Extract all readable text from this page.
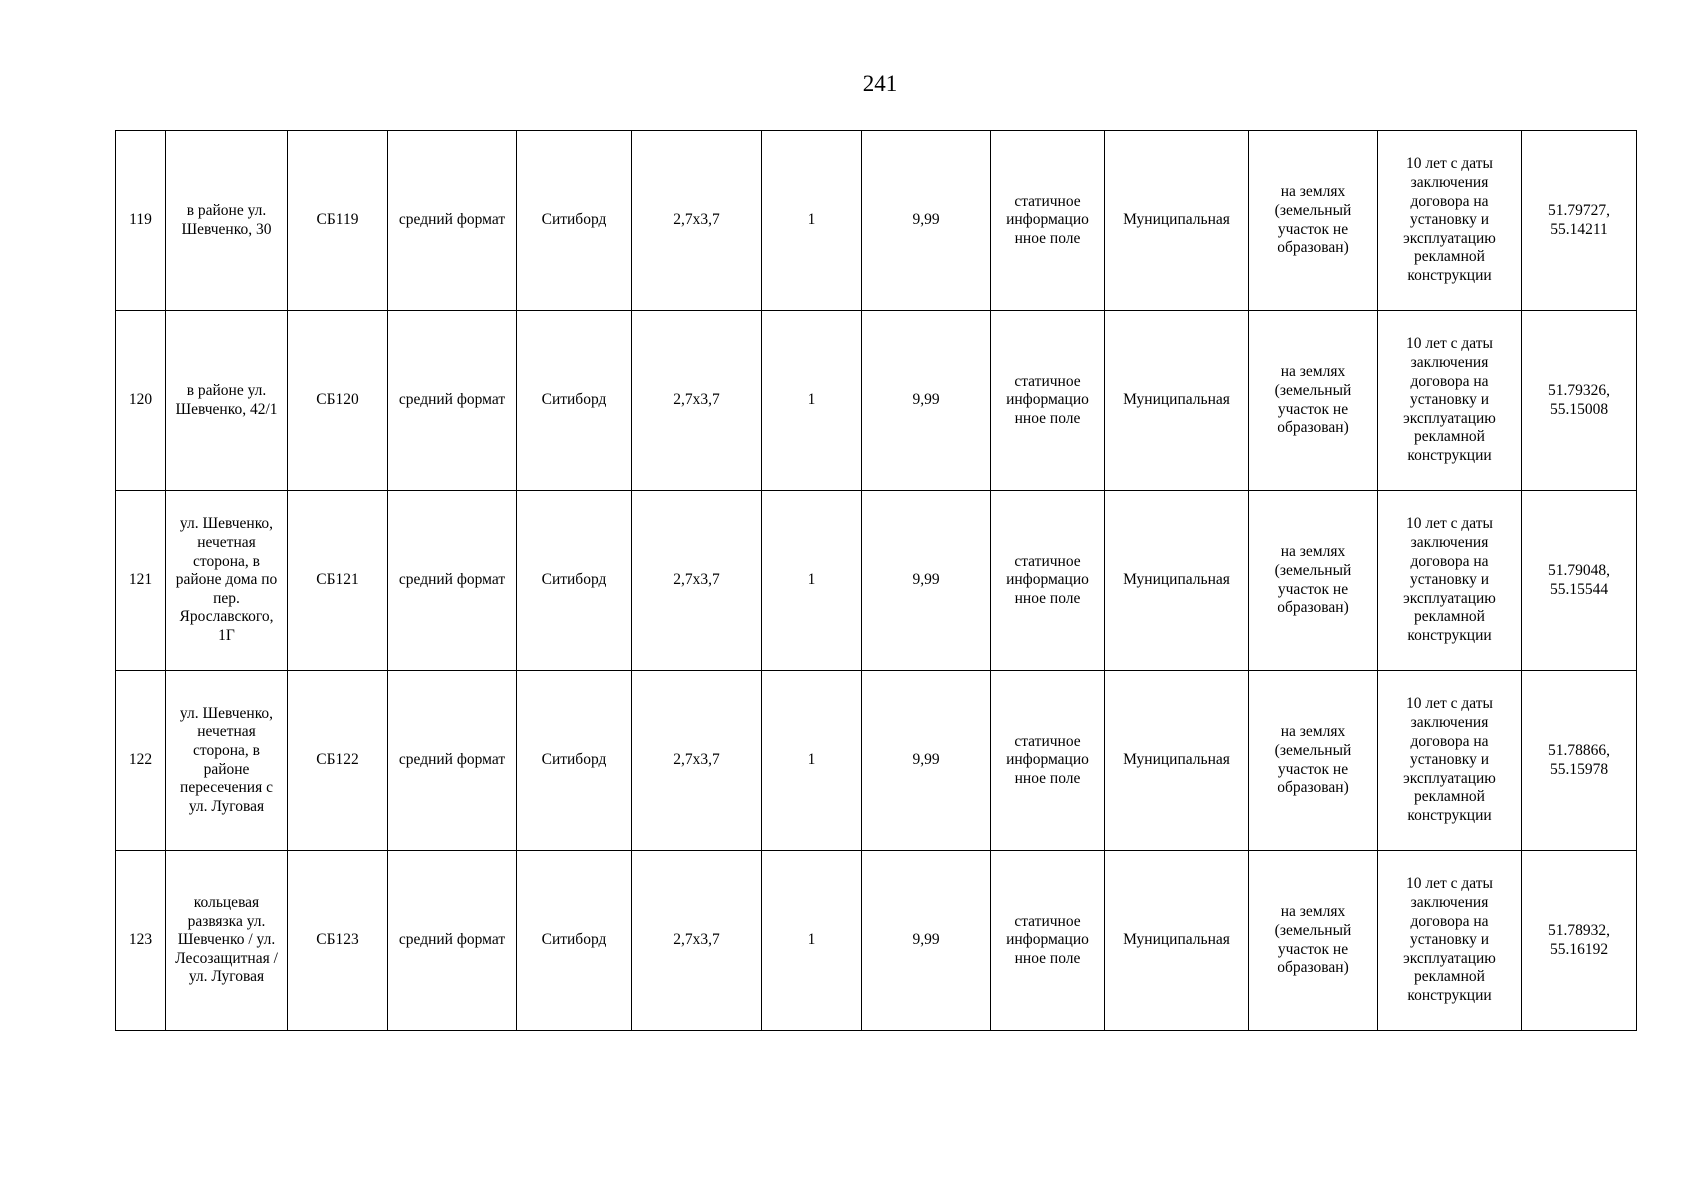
241
119	в районе ул. Шевченко, 30	СБ119	средний формат	Ситиборд	2,7х3,7	1	9,99	статичное информацио нное поле	Муниципальная	на землях (земельный участок не образован)	10 лет с даты заключения договора на установку и эксплуатацию рекламной конструкции	51.79727, 55.14211
120	в районе ул. Шевченко, 42/1	СБ120	средний формат	Ситиборд	2,7х3,7	1	9,99	статичное информацио нное поле	Муниципальная	на землях (земельный участок не образован)	10 лет с даты заключения договора на установку и эксплуатацию рекламной конструкции	51.79326, 55.15008
121	ул. Шевченко, нечетная сторона, в районе дома по пер. Ярославского, 1Г	СБ121	средний формат	Ситиборд	2,7х3,7	1	9,99	статичное информацио нное поле	Муниципальная	на землях (земельный участок не образован)	10 лет с даты заключения договора на установку и эксплуатацию рекламной конструкции	51.79048, 55.15544
122	ул. Шевченко, нечетная сторона, в районе пересечения с ул. Луговая	СБ122	средний формат	Ситиборд	2,7х3,7	1	9,99	статичное информацио нное поле	Муниципальная	на землях (земельный участок не образован)	10 лет с даты заключения договора на установку и эксплуатацию рекламной конструкции	51.78866, 55.15978
123	кольцевая развязка ул. Шевченко / ул. Лесозащитная / ул. Луговая	СБ123	средний формат	Ситиборд	2,7х3,7	1	9,99	статичное информацио нное поле	Муниципальная	на землях (земельный участок не образован)	10 лет с даты заключения договора на установку и эксплуатацию рекламной конструкции	51.78932, 55.16192
